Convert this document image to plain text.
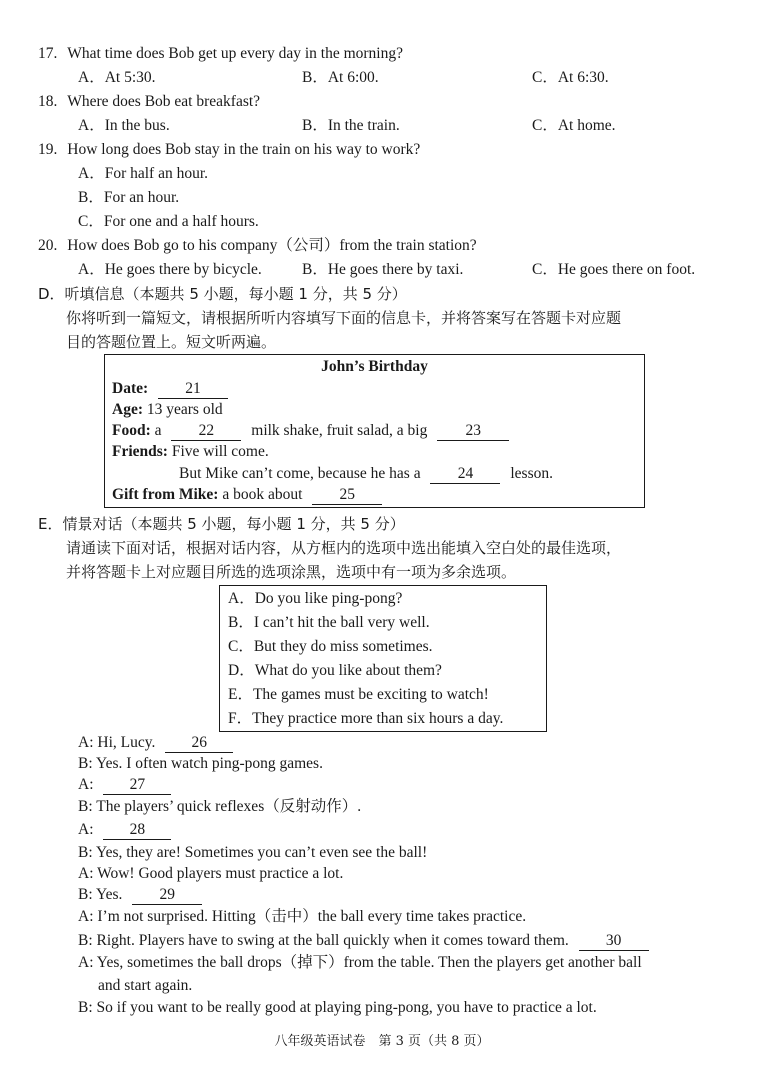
17. What time does Bob get up every day in the morning?
A．At 5:30.	B．At 6:00.	C．At 6:30.
18. Where does Bob eat breakfast?
A．In the bus.	B．In the train.	C．At home.
19. How long does Bob stay in the train on his way to work?
A．For half an hour.
B．For an hour.
C．For one and a half hours.
20. How does Bob go to his company（公司）from the train station?
A．He goes there by bicycle.	B．He goes there by taxi.	C．He goes there on foot.
D．听填信息（本题共 5 小题，每小题 1 分，共 5 分）
你将听到一篇短文，请根据所听内容填写下面的信息卡，并将答案写在答题卡对应题
目的答题位置上。短文听两遍。
John’s Birthday
Date: 21
Age: 13 years old
Food: a 22 milk shake, fruit salad, a big 23
Friends: Five will come.
But Mike can’t come, because he has a 24 lesson.
Gift from Mike: a book about 25
E．情景对话（本题共 5 小题，每小题 1 分，共 5 分）
请通读下面对话，根据对话内容，从方框内的选项中选出能填入空白处的最佳选项，
并将答题卡上对应题目所选的选项涂黑，选项中有一项为多余选项。
A．Do you like ping-pong?
B．I can’t hit the ball very well.
C．But they do miss sometimes.
D．What do you like about them?
E．The games must be exciting to watch!
F．They practice more than six hours a day.
A: Hi, Lucy. 26
B: Yes. I often watch ping-pong games.
A: 27
B: The players’ quick reflexes（反射动作）.
A: 28
B: Yes, they are! Sometimes you can’t even see the ball!
A: Wow! Good players must practice a lot.
B: Yes. 29
A: I’m not surprised. Hitting（击中）the ball every time takes practice.
B: Right. Players have to swing at the ball quickly when it comes toward them. 30
A: Yes, sometimes the ball drops（掉下）from the table. Then the players get another ball
and start again.
B: So if you want to be really good at playing ping-pong, you have to practice a lot.
八年级英语试卷　第 3 页（共 8 页）
